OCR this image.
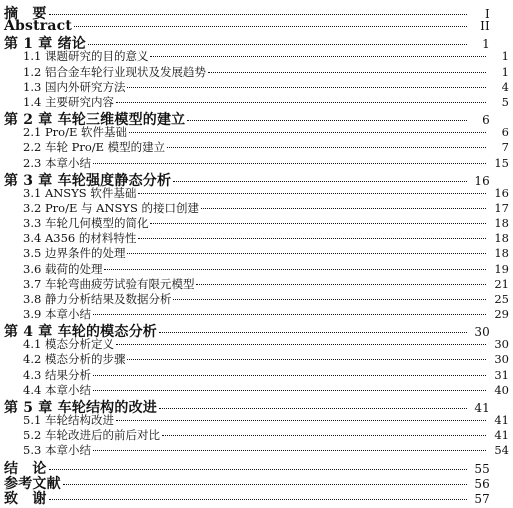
摘　要	I
Abstract	II
第 1 章 绪论	1
1.1 课题研究的目的意义	1
1.2 铝合金车轮行业现状及发展趋势	1
1.3 国内外研究方法	4
1.4 主要研究内容	5
第 2 章 车轮三维模型的建立	6
2.1 Pro/E 软件基础	6
2.2 车轮 Pro/E 模型的建立	7
2.3 本章小结	15
第 3 章 车轮强度静态分析	16
3.1 ANSYS 软件基础	16
3.2 Pro/E 与 ANSYS 的接口创建	17
3.3 车轮几何模型的简化	18
3.4 A356 的材料特性	18
3.5 边界条件的处理	18
3.6 载荷的处理	19
3.7 车轮弯曲疲劳试验有限元模型	21
3.8 静力分析结果及数据分析	25
3.9 本章小结	29
第 4 章 车轮的模态分析	30
4.1 模态分析定义	30
4.2 模态分析的步骤	30
4.3 结果分析	31
4.4 本章小结	40
第 5 章 车轮结构的改进	41
5.1 车轮结构改进	41
5.2 车轮改进后的前后对比	41
5.3 本章小结	54
结　论	55
参考文献	56
致　谢	57
